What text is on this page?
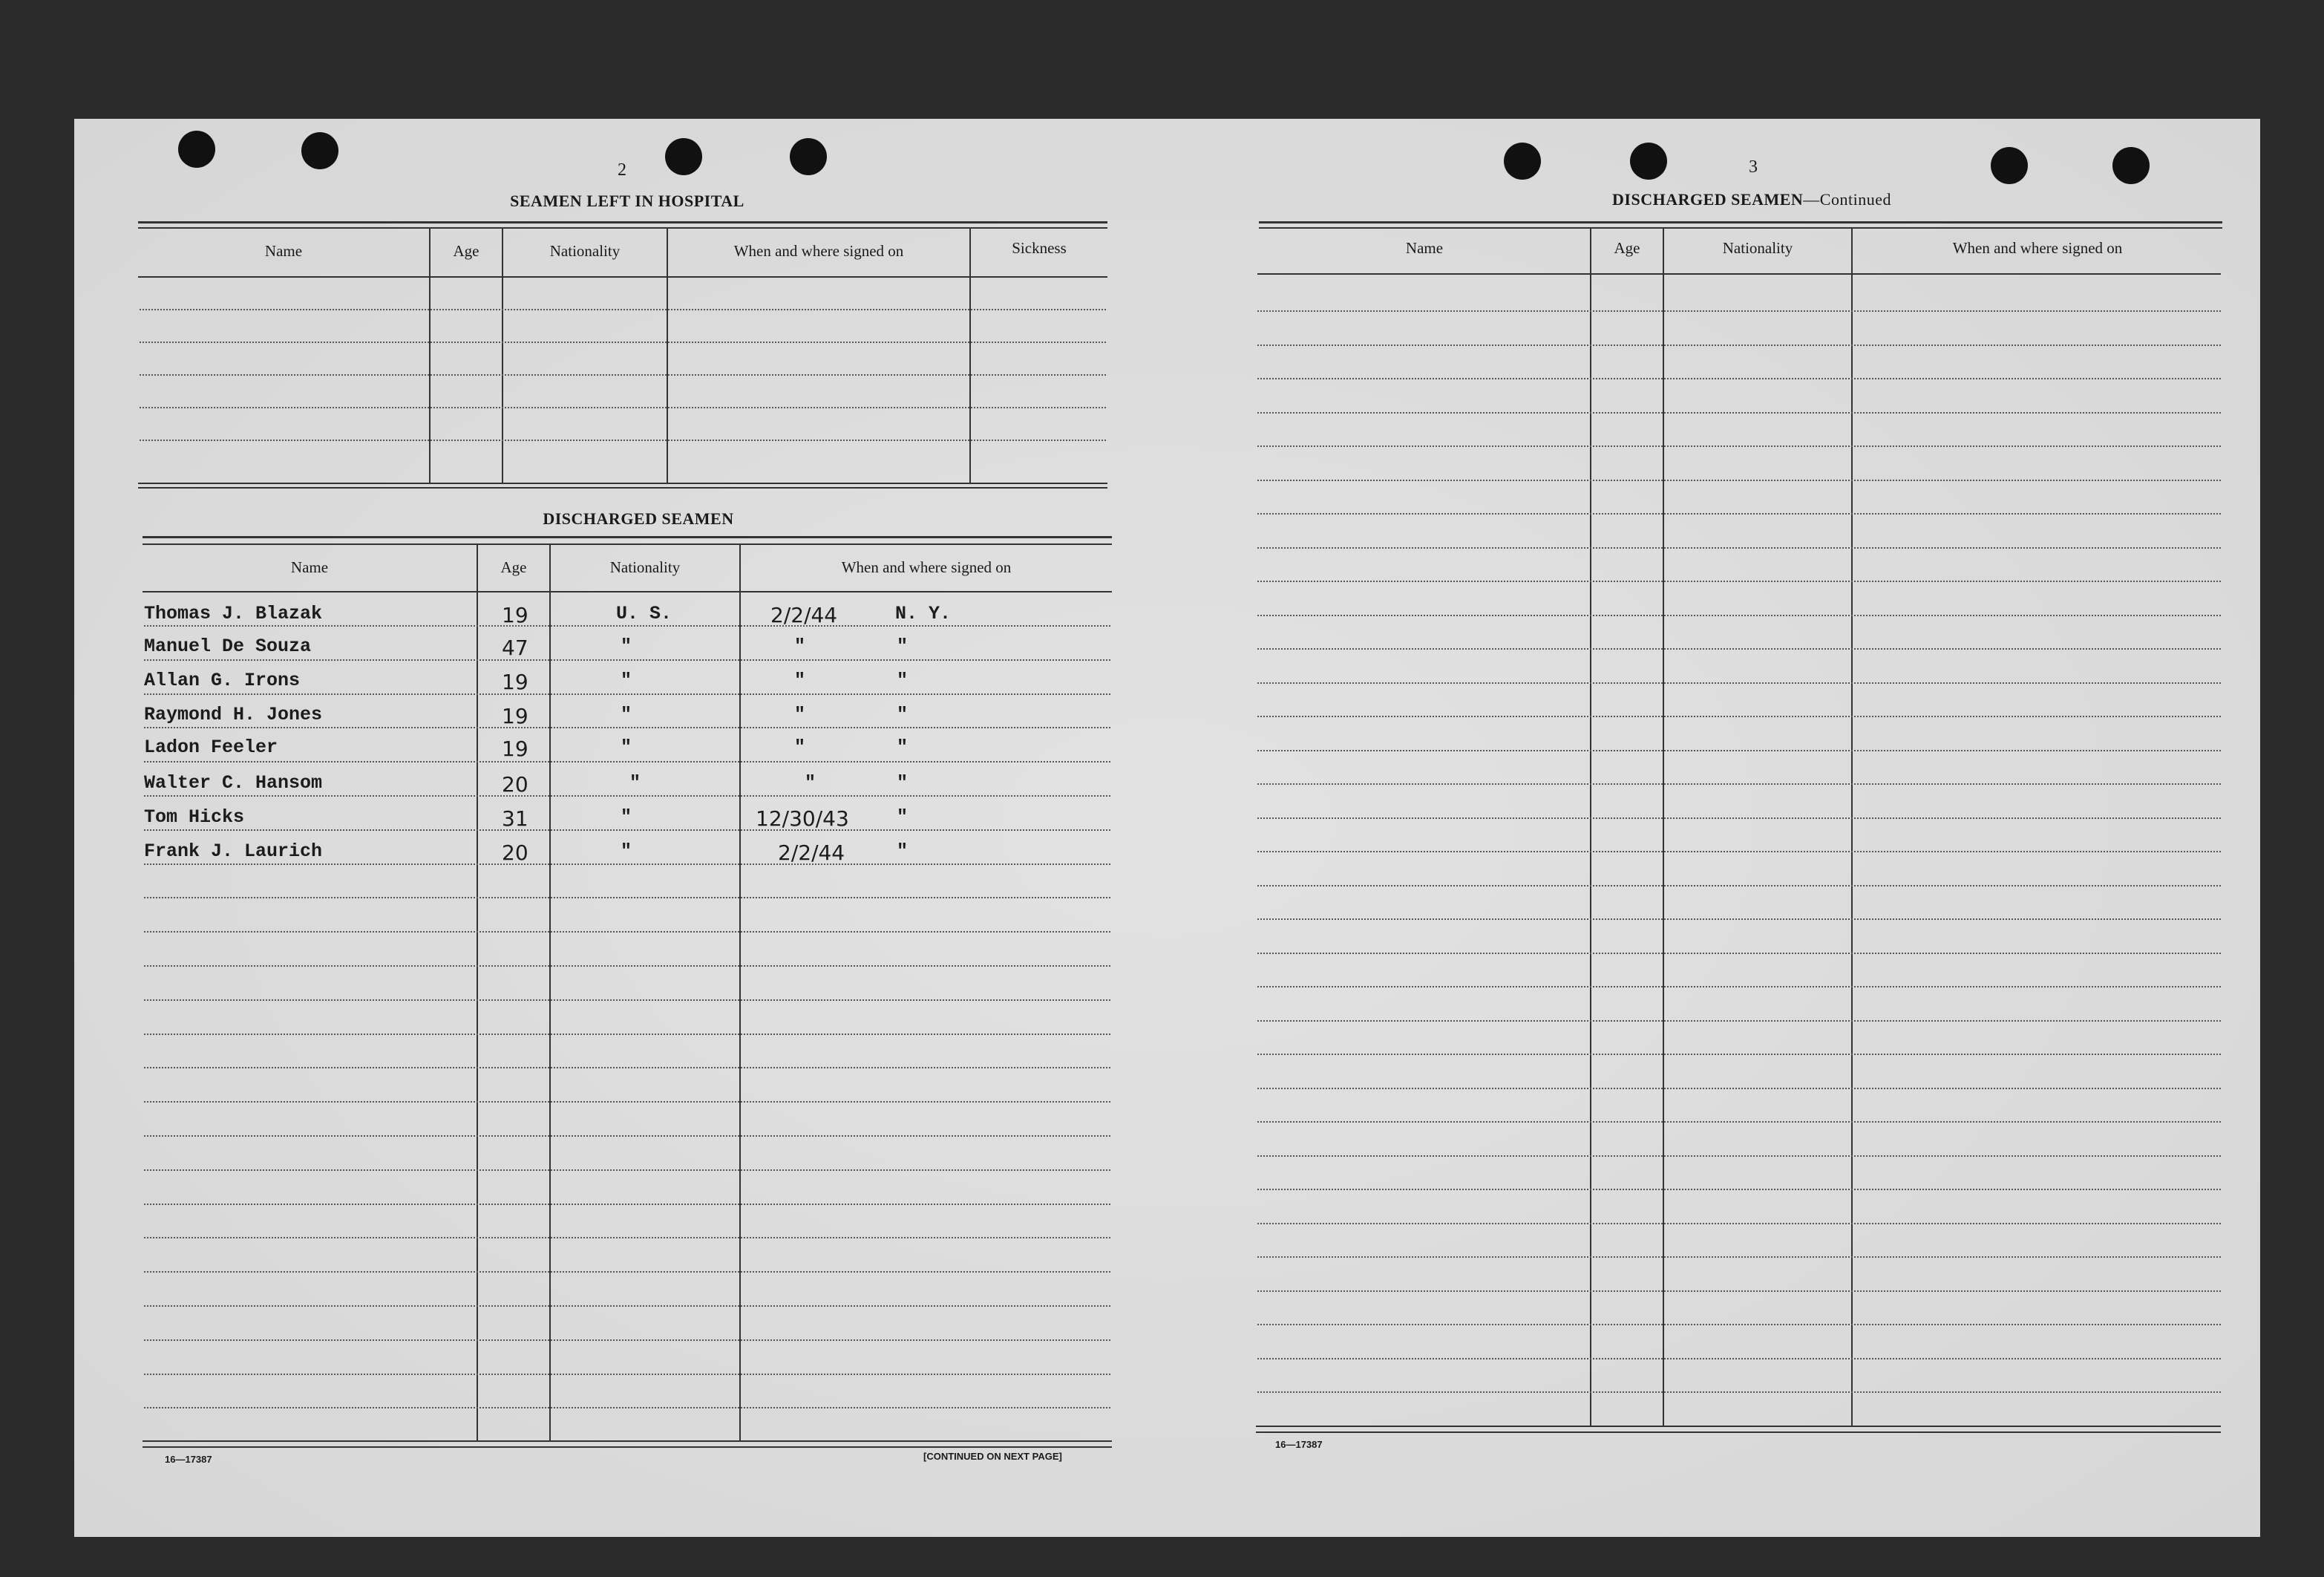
2
SEAMEN LEFT IN HOSPITAL
Name	Age	Nationality	When and where signed on	Sickness
DISCHARGED SEAMEN
Name	Age	Nationality	When and where signed on
Thomas J. Blazak	19	U. S.	2/2/44	N. Y.
Manuel De Souza	47	"	"	"
Allan G. Irons	19	"	"	"
Raymond H. Jones	19	"	"	"
Ladon Feeler	19	"	"	"
Walter C. Hansom	20	"	"	"
Tom Hicks	31	"	12/30/43	"
Frank J. Laurich	20	"	2/2/44	"
16—17387	[CONTINUED ON NEXT PAGE]
3
DISCHARGED SEAMEN—Continued
Name	Age	Nationality	When and where signed on
16—17387
